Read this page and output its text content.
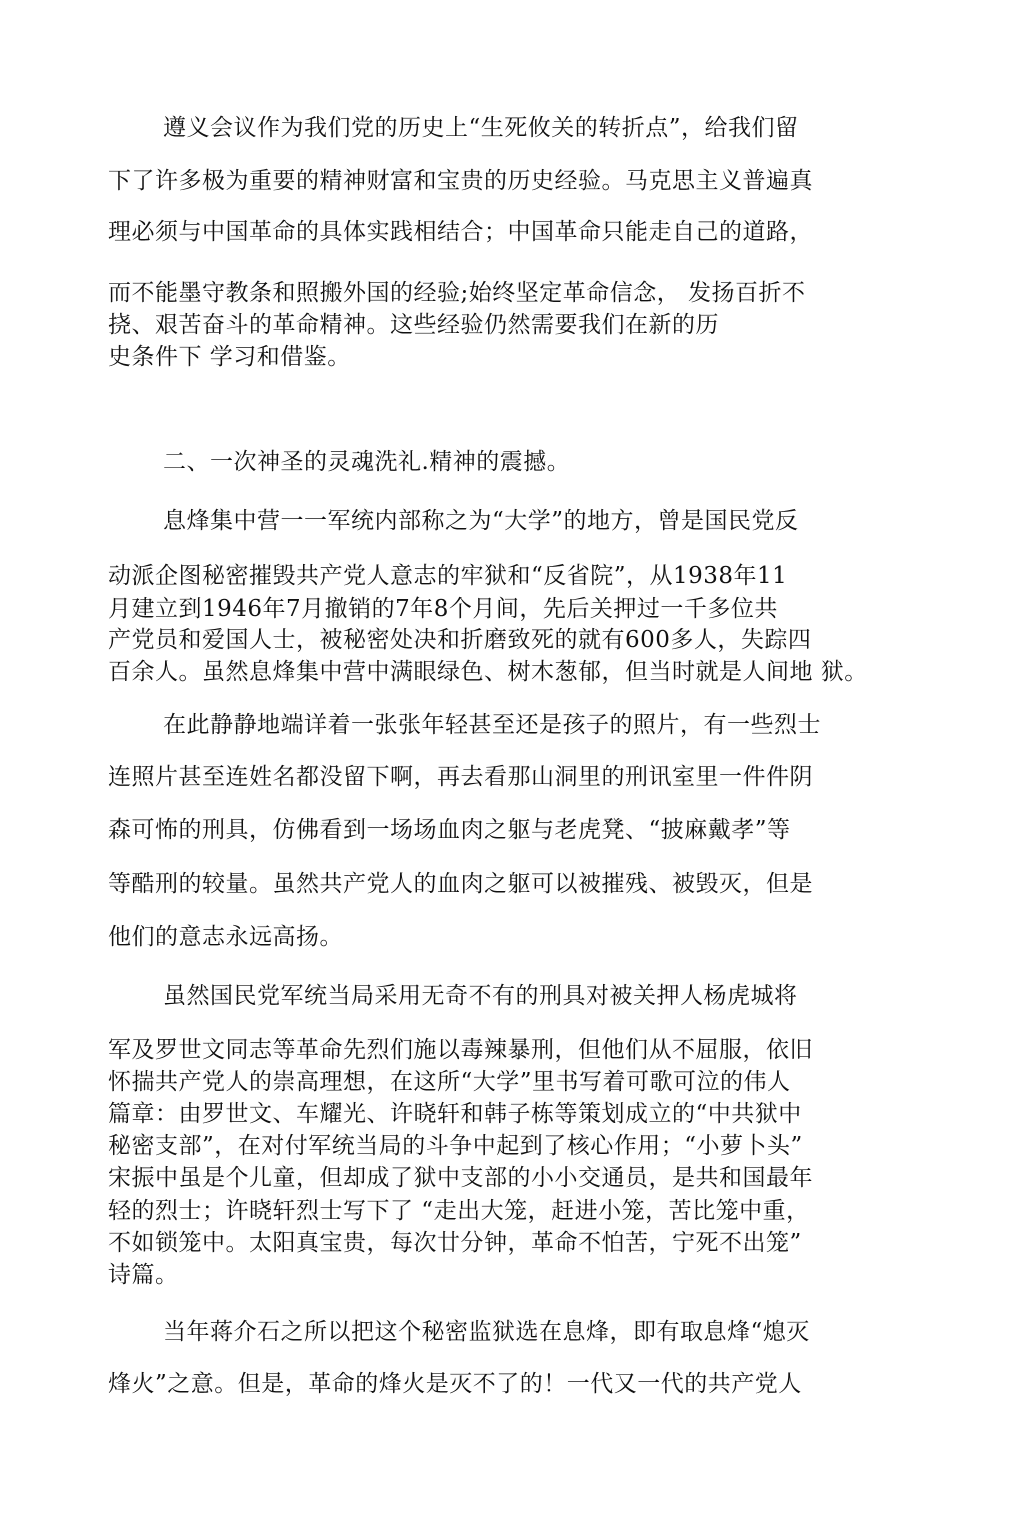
遵义会议作为我们党的历史上“生死攸关的转折点”，给我们留
下了许多极为重要的精神财富和宝贵的历史经验。马克思主义普遍真
理必须与中国革命的具体实践相结合；中国革命只能走自己的道路，
而不能墨守教条和照搬外国的经验;始终坚定革命信念， 发扬百折不
挠、艰苦奋斗的革命精神。这些经验仍然需要我们在新的历
史条件下 学习和借鉴。
二、一次神圣的灵魂洗礼.精神的震撼。
息烽集中营一一军统内部称之为“大学”的地方，曾是国民党反
动派企图秘密摧毁共产党人意志的牢狱和“反省院”，从1938年11
月建立到1946年7月撤销的7年8个月间，先后关押过一千多位共
产党员和爱国人士，被秘密处决和折磨致死的就有600多人，失踪四
百余人。虽然息烽集中营中满眼绿色、树木葱郁，但当时就是人间地 狱。
在此静静地端详着一张张年轻甚至还是孩子的照片，有一些烈士
连照片甚至连姓名都没留下啊，再去看那山洞里的刑讯室里一件件阴
森可怖的刑具，仿佛看到一场场血肉之躯与老虎凳、“披麻戴孝”等
等酷刑的较量。虽然共产党人的血肉之躯可以被摧残、被毁灭，但是
他们的意志永远高扬。
虽然国民党军统当局采用无奇不有的刑具对被关押人杨虎城将
军及罗世文同志等革命先烈们施以毒辣暴刑，但他们从不屈服，依旧
怀揣共产党人的崇高理想，在这所“大学”里书写着可歌可泣的伟人
篇章：由罗世文、车耀光、许晓轩和韩子栋等策划成立的“中共狱中
秘密支部”，在对付军统当局的斗争中起到了核心作用；“小萝卜头”
宋振中虽是个儿童，但却成了狱中支部的小小交通员，是共和国最年
轻的烈士；许晓轩烈士写下了 “走出大笼，赶进小笼，苦比笼中重，
不如锁笼中。太阳真宝贵，每次廿分钟，革命不怕苦，宁死不出笼”
诗篇。
当年蒋介石之所以把这个秘密监狱选在息烽，即有取息烽“熄灭
烽火”之意。但是，革命的烽火是灭不了的！一代又一代的共产党人
